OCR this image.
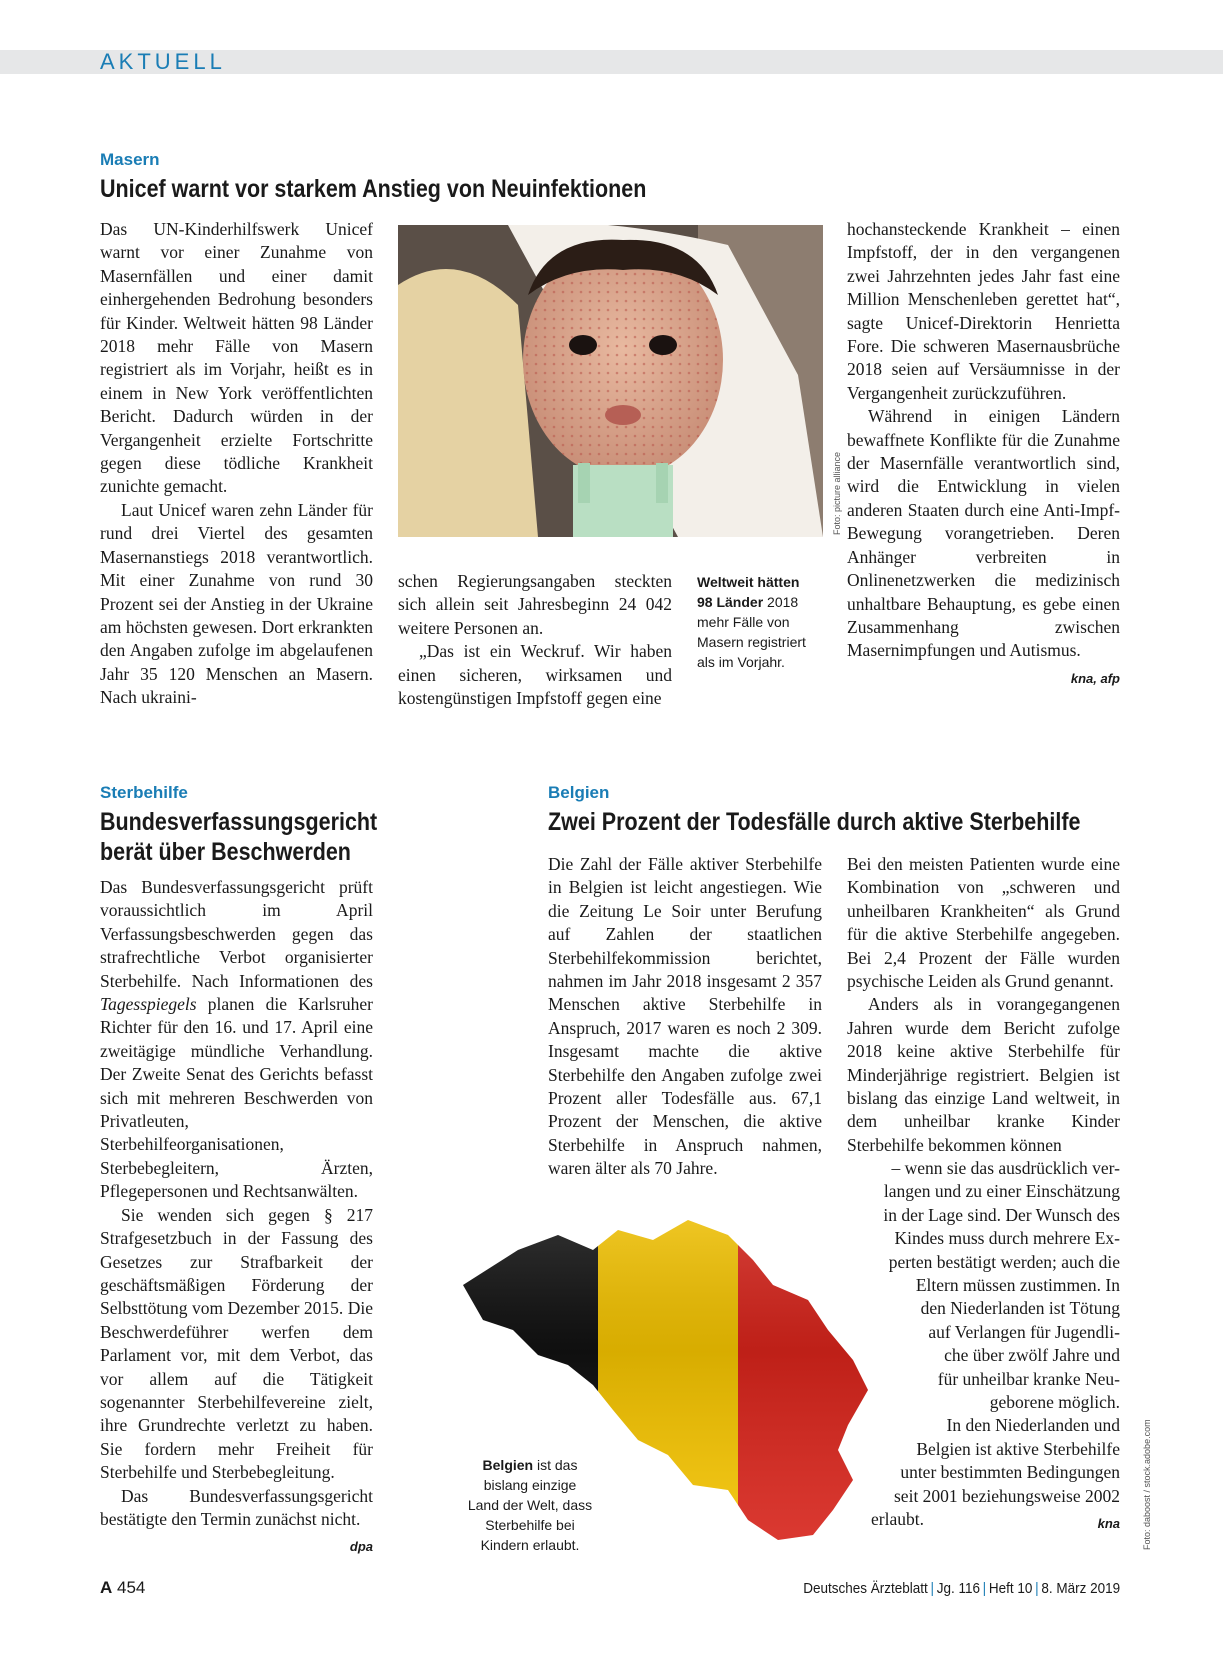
AKTUELL
Masern
Unicef warnt vor starkem Anstieg von Neuinfektionen

Das UN-Kinderhilfswerk Unicef warnt vor einer Zunahme von Masernfällen und einer damit einhergehenden Bedrohung besonders für Kinder. Weltweit hätten 98 Länder 2018 mehr Fälle von Masern registriert als im Vorjahr, heißt es in einem in New York veröffentlichten Bericht. Dadurch würden in der Vergangenheit erzielte Fortschritte gegen diese tödliche Krankheit zunichte gemacht.

Laut Unicef waren zehn Länder für rund drei Viertel des gesamten Masernanstiegs 2018 verantwortlich. Mit einer Zunahme von rund 30 Prozent sei der Anstieg in der Ukraine am höchsten gewesen. Dort erkrankten den Angaben zufolge im abgelaufenen Jahr 35 120 Menschen an Masern. Nach ukraini-

Foto: picture alliance

schen Regierungsangaben steckten sich allein seit Jahresbeginn 24 042 weitere Personen an.

„Das ist ein Weckruf. Wir haben einen sicheren, wirksamen und kostengünstigen Impfstoff gegen eine

Weltweit hätten 98 Länder 2018 mehr Fälle von Masern registriert als im Vorjahr.

hochansteckende Krankheit – einen Impfstoff, der in den vergangenen zwei Jahrzehnten jedes Jahr fast eine Million Menschenleben gerettet hat“, sagte Unicef-Direktorin Henrietta Fore. Die schweren Masernausbrüche 2018 seien auf Versäumnisse in der Vergangenheit zurückzuführen.

Während in einigen Ländern bewaffnete Konflikte für die Zunahme der Masernfälle verantwortlich sind, wird die Entwicklung in vielen anderen Staaten durch eine Anti-Impf-Bewegung vorangetrieben. Deren Anhänger verbreiten in Onlinenetzwerken die medizinisch unhaltbare Behauptung, es gebe einen Zusammenhang zwischen Masernimpfungen und Autismus.
kna, afp

Sterbehilfe
Bundesverfassungsgericht
berät über Beschwerden

Das Bundesverfassungsgericht prüft voraussichtlich im April Verfassungsbeschwerden gegen das strafrechtliche Verbot organisierter Sterbehilfe. Nach Informationen des Tagesspiegels planen die Karlsruher Richter für den 16. und 17. April eine zweitägige mündliche Verhandlung. Der Zweite Senat des Gerichts befasst sich mit mehreren Beschwerden von Privatleuten, Sterbehilfeorganisationen, Sterbebegleitern, Ärzten, Pflegepersonen und Rechtsanwälten.

Sie wenden sich gegen § 217 Strafgesetzbuch in der Fassung des Gesetzes zur Strafbarkeit der geschäftsmäßigen Förderung der Selbsttötung vom Dezember 2015. Die Beschwerdeführer werfen dem Parlament vor, mit dem Verbot, das vor allem auf die Tätigkeit sogenannter Sterbehilfevereine zielt, ihre Grundrechte verletzt zu haben. Sie fordern mehr Freiheit für Sterbehilfe und Sterbebegleitung.

Das Bundesverfassungsgericht bestätigte den Termin zunächst nicht.
dpa

Belgien
Zwei Prozent der Todesfälle durch aktive Sterbehilfe

Die Zahl der Fälle aktiver Sterbehilfe in Belgien ist leicht angestiegen. Wie die Zeitung Le Soir unter Berufung auf Zahlen der staatlichen Sterbehilfekommission berichtet, nahmen im Jahr 2018 insgesamt 2 357 Menschen aktive Sterbehilfe in Anspruch, 2017 waren es noch 2 309. Insgesamt machte die aktive Sterbehilfe den Angaben zufolge zwei Prozent aller Todesfälle aus. 67,1 Prozent der Menschen, die aktive Sterbehilfe in Anspruch nahmen, waren älter als 70 Jahre.

Bei den meisten Patienten wurde eine Kombination von „schweren und unheilbaren Krankheiten“ als Grund für die aktive Sterbehilfe angegeben. Bei 2,4 Prozent der Fälle wurden psychische Leiden als Grund genannt.

Anders als in vorangegangenen Jahren wurde dem Bericht zufolge 2018 keine aktive Sterbehilfe für Minderjährige registriert. Belgien ist bislang das einzige Land weltweit, in dem unheilbar kranke Kinder Sterbehilfe bekommen können

Foto: daboost / stock.adobe.com
Belgien ist das
bislang einzige
Land der Welt, dass
Sterbehilfe bei
Kindern erlaubt.
– wenn sie das ausdrücklich ver-
langen und zu einer Einschätzung
in der Lage sind. Der Wunsch des
Kindes muss durch mehrere Ex-
perten bestätigt werden; auch die
Eltern müssen zustimmen. In
den Niederlanden ist Tötung
auf Verlangen für Jugendli-
che über zwölf Jahre und
für unheilbar kranke Neu-
geborene möglich.
In den Niederlanden und
Belgien ist aktive Sterbehilfe
unter bestimmten Bedingungen
seit 2001 beziehungsweise 2002
erlaubt.	kna
A 454	Deutsches Ärzteblatt | Jg. 116 | Heft 10 | 8. März 2019
